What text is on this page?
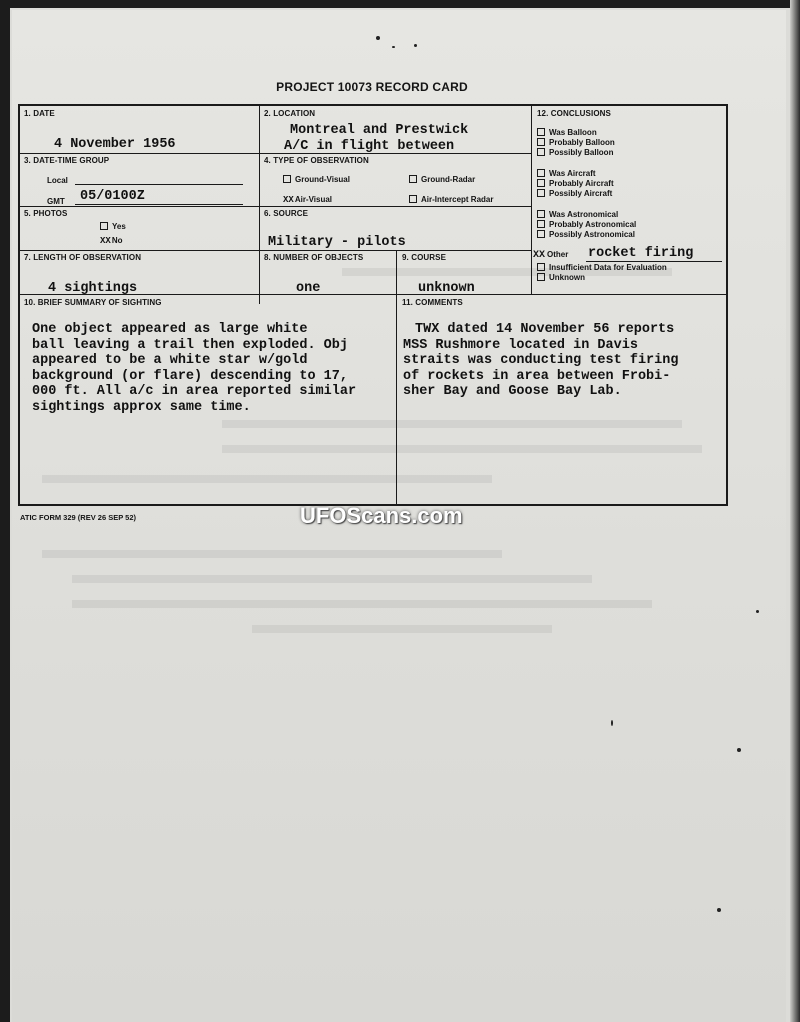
PROJECT 10073 RECORD CARD
1. DATE
4 November 1956
2. LOCATION
Montreal and Prestwick
A/C in flight between
3. DATE-TIME GROUP
Local
GMT 05/0100Z
4. TYPE OF OBSERVATION
Ground-Visual	Ground-Radar
XXAir-Visual	Air-Intercept Radar
5. PHOTOS
Yes
XXNo
6. SOURCE
Military - pilots
7. LENGTH OF OBSERVATION
4 sightings
8. NUMBER OF OBJECTS
one
9. COURSE
unknown
10. BRIEF SUMMARY OF SIGHTING
One object appeared as large white
ball leaving a trail then exploded. Obj
appeared to be a white star w/gold
background (or flare) descending to 17,
000 ft. All a/c in area reported similar
sightings approx same time.
11. COMMENTS
TWX dated 14 November 56 reports
MSS Rushmore located in Davis
straits was conducting test firing
of rockets in area between Frobi-
sher Bay and Goose Bay Lab.
12. CONCLUSIONS
Was Balloon
Probably Balloon
Possibly Balloon
Was Aircraft
Probably Aircraft
Possibly Aircraft
Was Astronomical
Probably Astronomical
Possibly Astronomical
XX Other rocket firing
Insufficient Data for Evaluation
Unknown
ATIC FORM 329 (REV 26 SEP 52)	UFOScans.com
